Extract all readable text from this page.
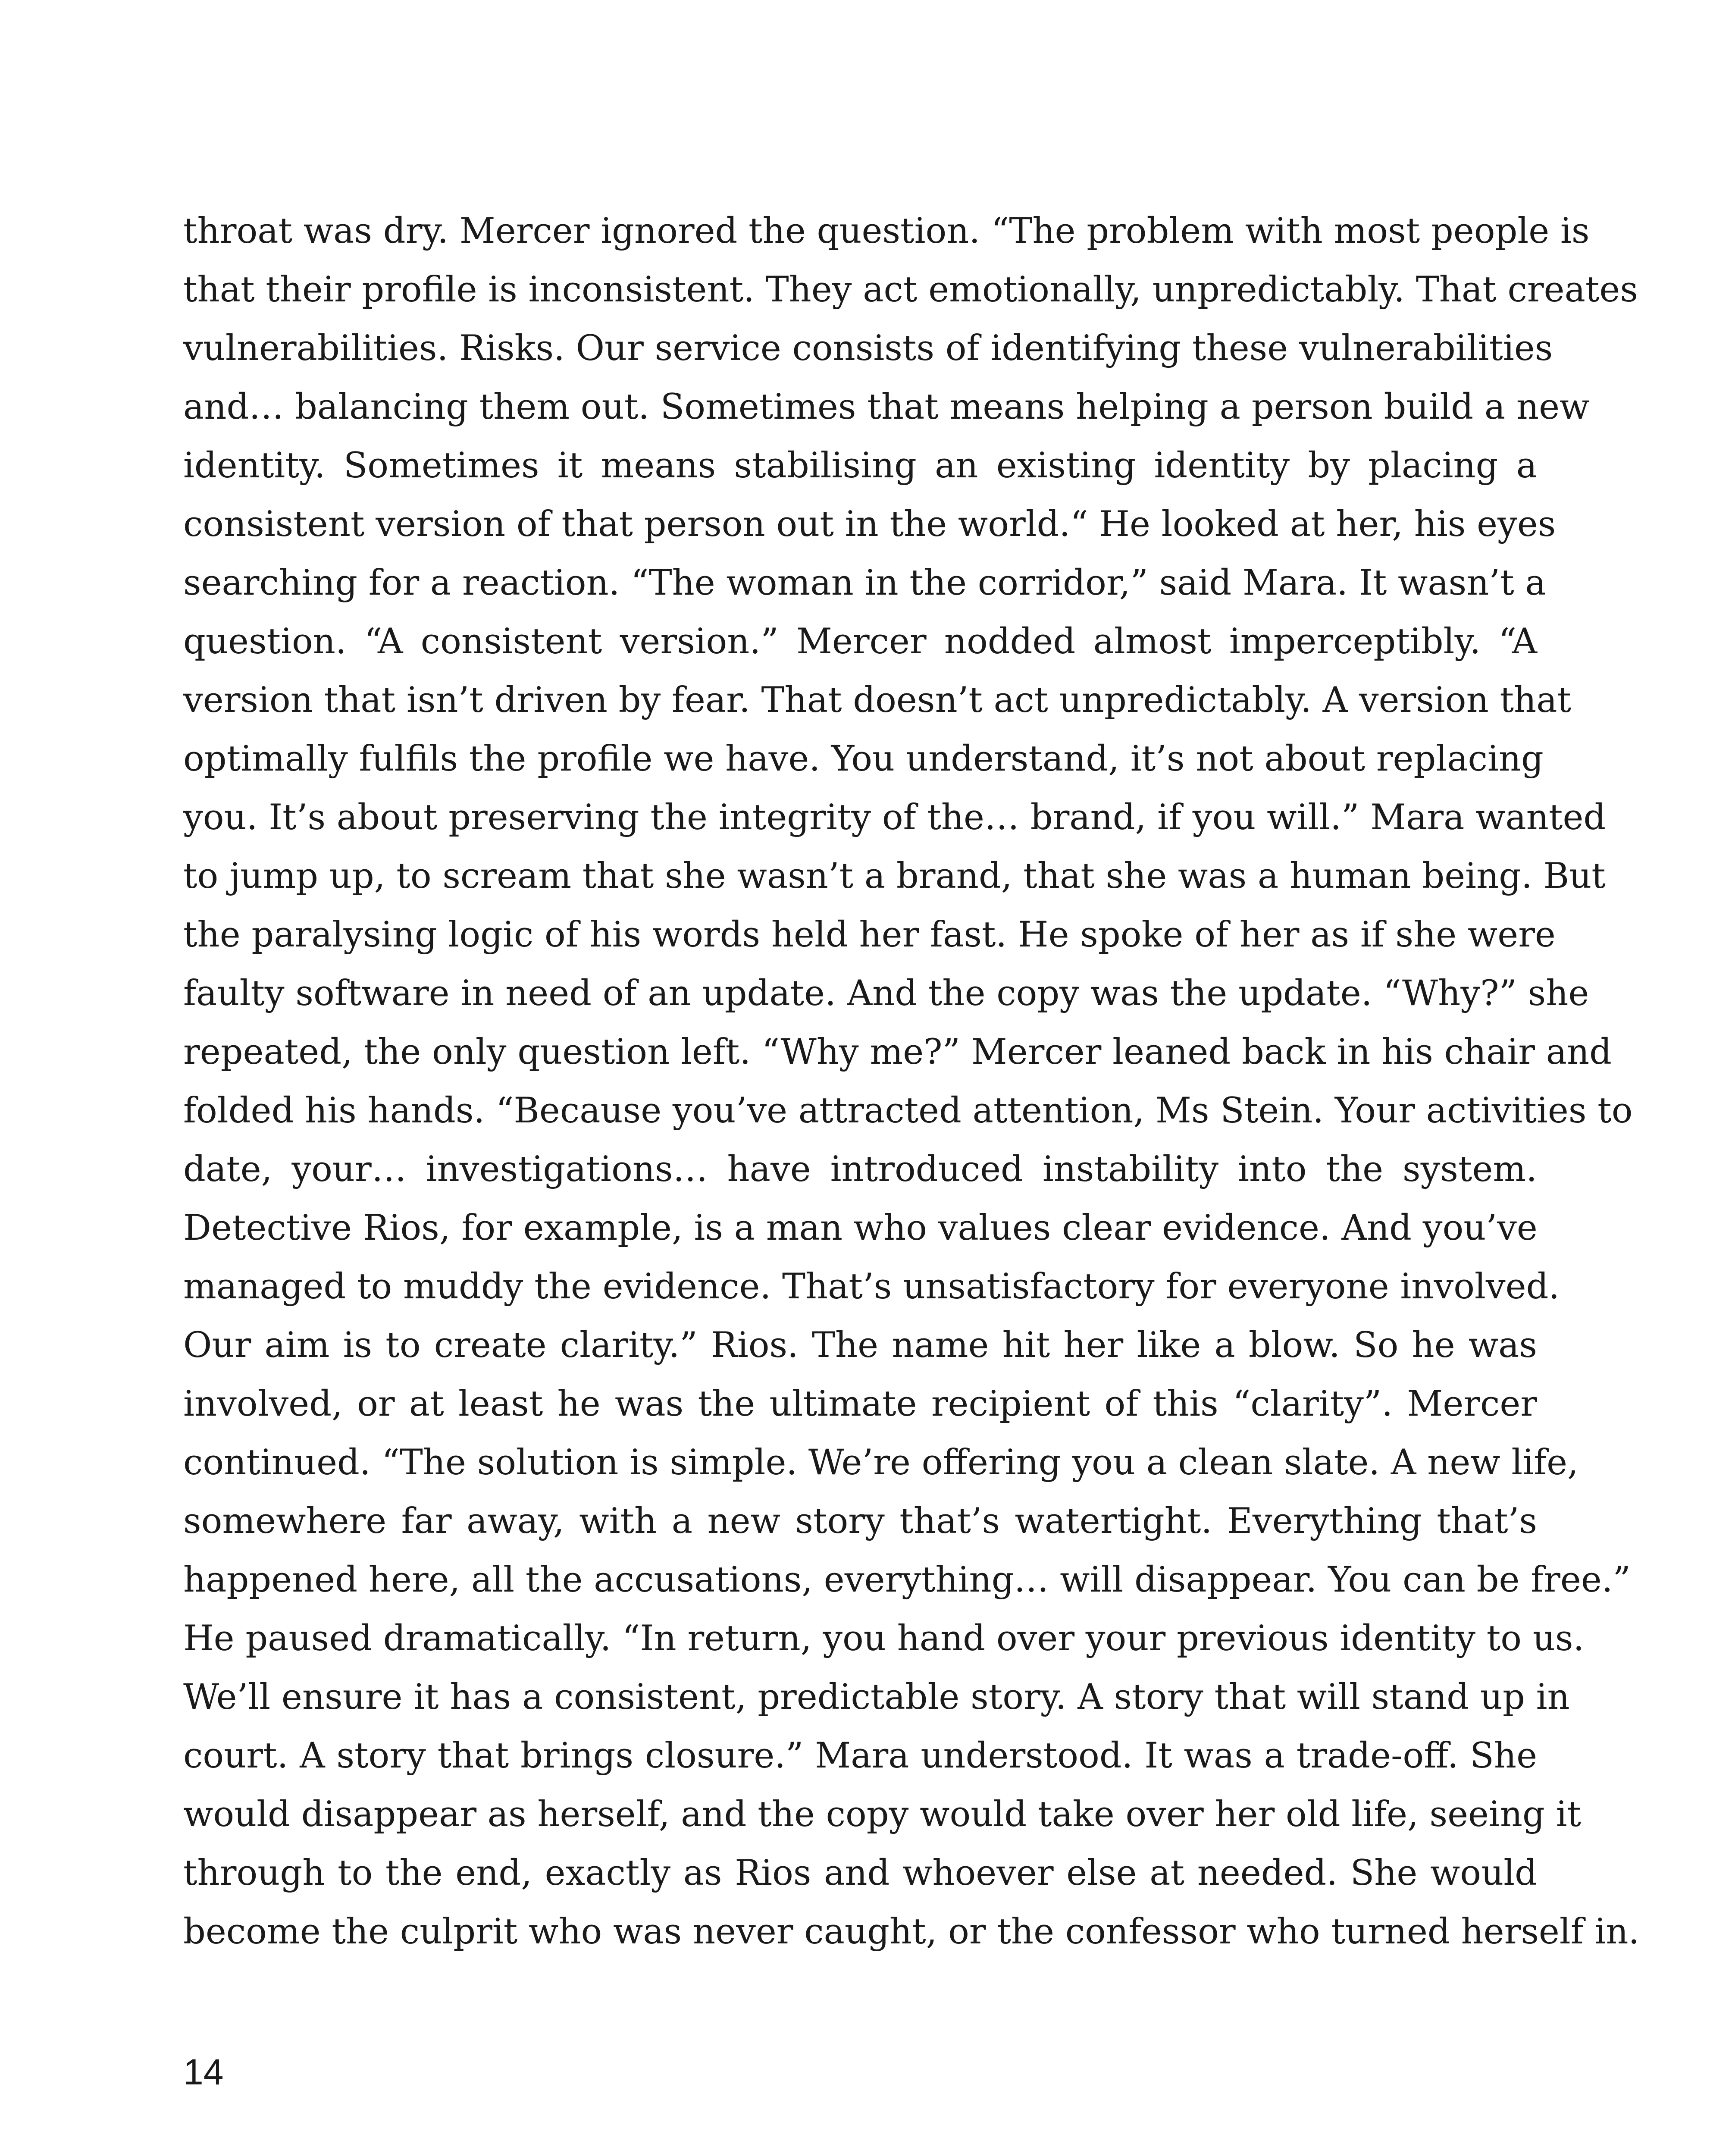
throat was dry. Mercer ignored the question. “The problem with most people is
that their profile is inconsistent. They act emotionally, unpredictably. That creates
vulnerabilities. Risks. Our service consists of identifying these vulnerabilities
and… balancing them out. Sometimes that means helping a person build a new
identity. Sometimes it means stabilising an existing identity by placing a
consistent version of that person out in the world.“ He looked at her, his eyes
searching for a reaction. “The woman in the corridor,” said Mara. It wasn’t a
question. “A consistent version.” Mercer nodded almost imperceptibly. “A
version that isn’t driven by fear. That doesn’t act unpredictably. A version that
optimally fulfils the profile we have. You understand, it’s not about replacing
you. It’s about preserving the integrity of the… brand, if you will.” Mara wanted
to jump up, to scream that she wasn’t a brand, that she was a human being. But
the paralysing logic of his words held her fast. He spoke of her as if she were
faulty software in need of an update. And the copy was the update. “Why?” she
repeated, the only question left. “Why me?” Mercer leaned back in his chair and
folded his hands. “Because you’ve attracted attention, Ms Stein. Your activities to
date, your… investigations… have introduced instability into the system.
Detective Rios, for example, is a man who values clear evidence. And you’ve
managed to muddy the evidence. That’s unsatisfactory for everyone involved.
Our aim is to create clarity.” Rios. The name hit her like a blow. So he was
involved, or at least he was the ultimate recipient of this “clarity”. Mercer
continued. “The solution is simple. We’re offering you a clean slate. A new life,
somewhere far away, with a new story that’s watertight. Everything that’s
happened here, all the accusations, everything… will disappear. You can be free.”
He paused dramatically. “In return, you hand over your previous identity to us.
We’ll ensure it has a consistent, predictable story. A story that will stand up in
court. A story that brings closure.” Mara understood. It was a trade-off. She
would disappear as herself, and the copy would take over her old life, seeing it
through to the end, exactly as Rios and whoever else at needed. She would
become the culprit who was never caught, or the confessor who turned herself in.
14
